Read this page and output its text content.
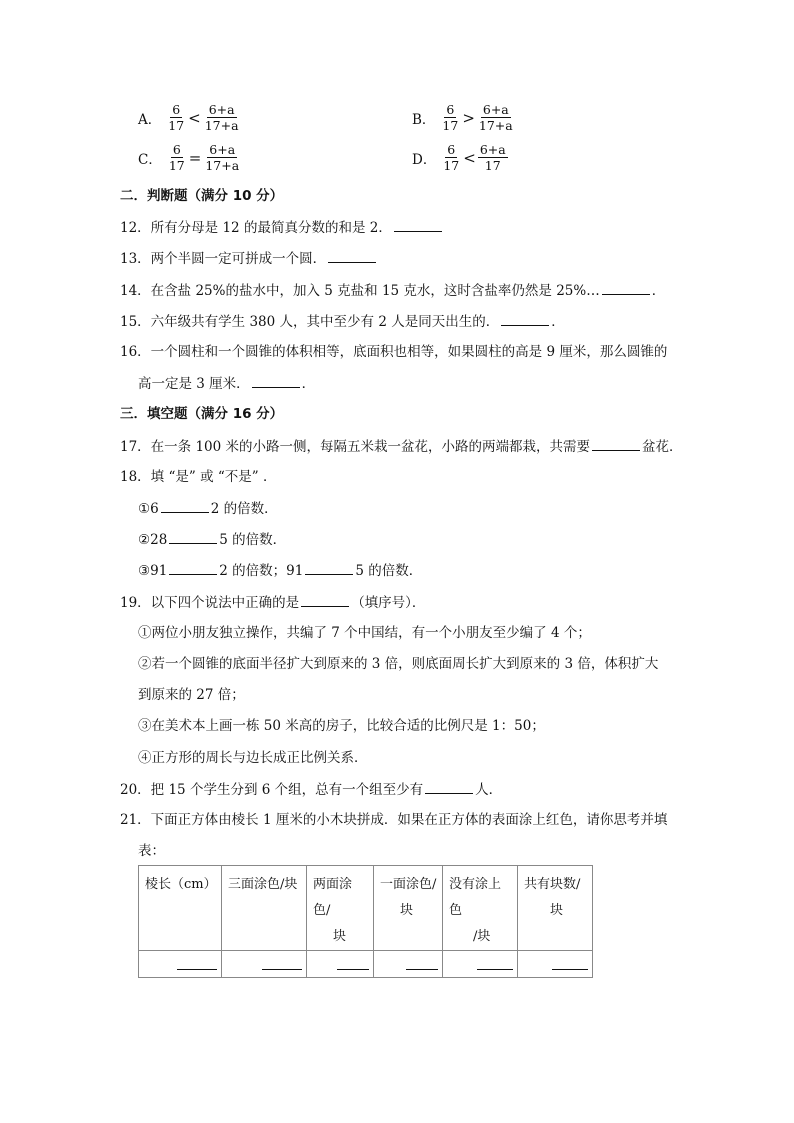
A． $\frac{6}{17} < \frac{6+a}{17+a}$	B． $\frac{6}{17} > \frac{6+a}{17+a}$
C． $\frac{6}{17} = \frac{6+a}{17+a}$	D． $\frac{6}{17} < \frac{6+a}{17}$
二．判断题（满分 10 分）
12．所有分母是 12 的最简真分数的和是 2．
13．两个半圆一定可拼成一个圆．
14．在含盐 25%的盐水中，加入 5 克盐和 15 克水，这时含盐率仍然是 25%…	．
15．六年级共有学生 380 人，其中至少有 2 人是同天出生的．	．
16．一个圆柱和一个圆锥的体积相等，底面积也相等，如果圆柱的高是 9 厘米，那么圆锥的
高一定是 3 厘米．	．
三．填空题（满分 16 分）
17．在一条 100 米的小路一侧，每隔五米栽一盆花，小路的两端都栽，共需要	盆花．
18．填 “是” 或 “不是” ．
①6	2 的倍数．
②28	5 的倍数．
③91	2 的倍数；91	5 的倍数．
19．以下四个说法中正确的是	（填序号）．
①两位小朋友独立操作，共编了 7 个中国结，有一个小朋友至少编了 4 个；
②若一个圆锥的底面半径扩大到原来的 3 倍，则底面周长扩大到原来的 3 倍，体积扩大
到原来的 27 倍；
③在美术本上画一栋 50 米高的房子，比较合适的比例尺是 1：50；
④正方形的周长与边长成正比例关系．
20．把 15 个学生分到 6 个组，总有一个组至少有	人．
21．下面正方体由棱长 1 厘米的小木块拼成．如果在正方体的表面涂上红色，请你思考并填
表：
棱长（cm）	三面涂色/块	两面涂色/
块	一面涂色/
块	没有涂上色
/块	共有块数/
块
